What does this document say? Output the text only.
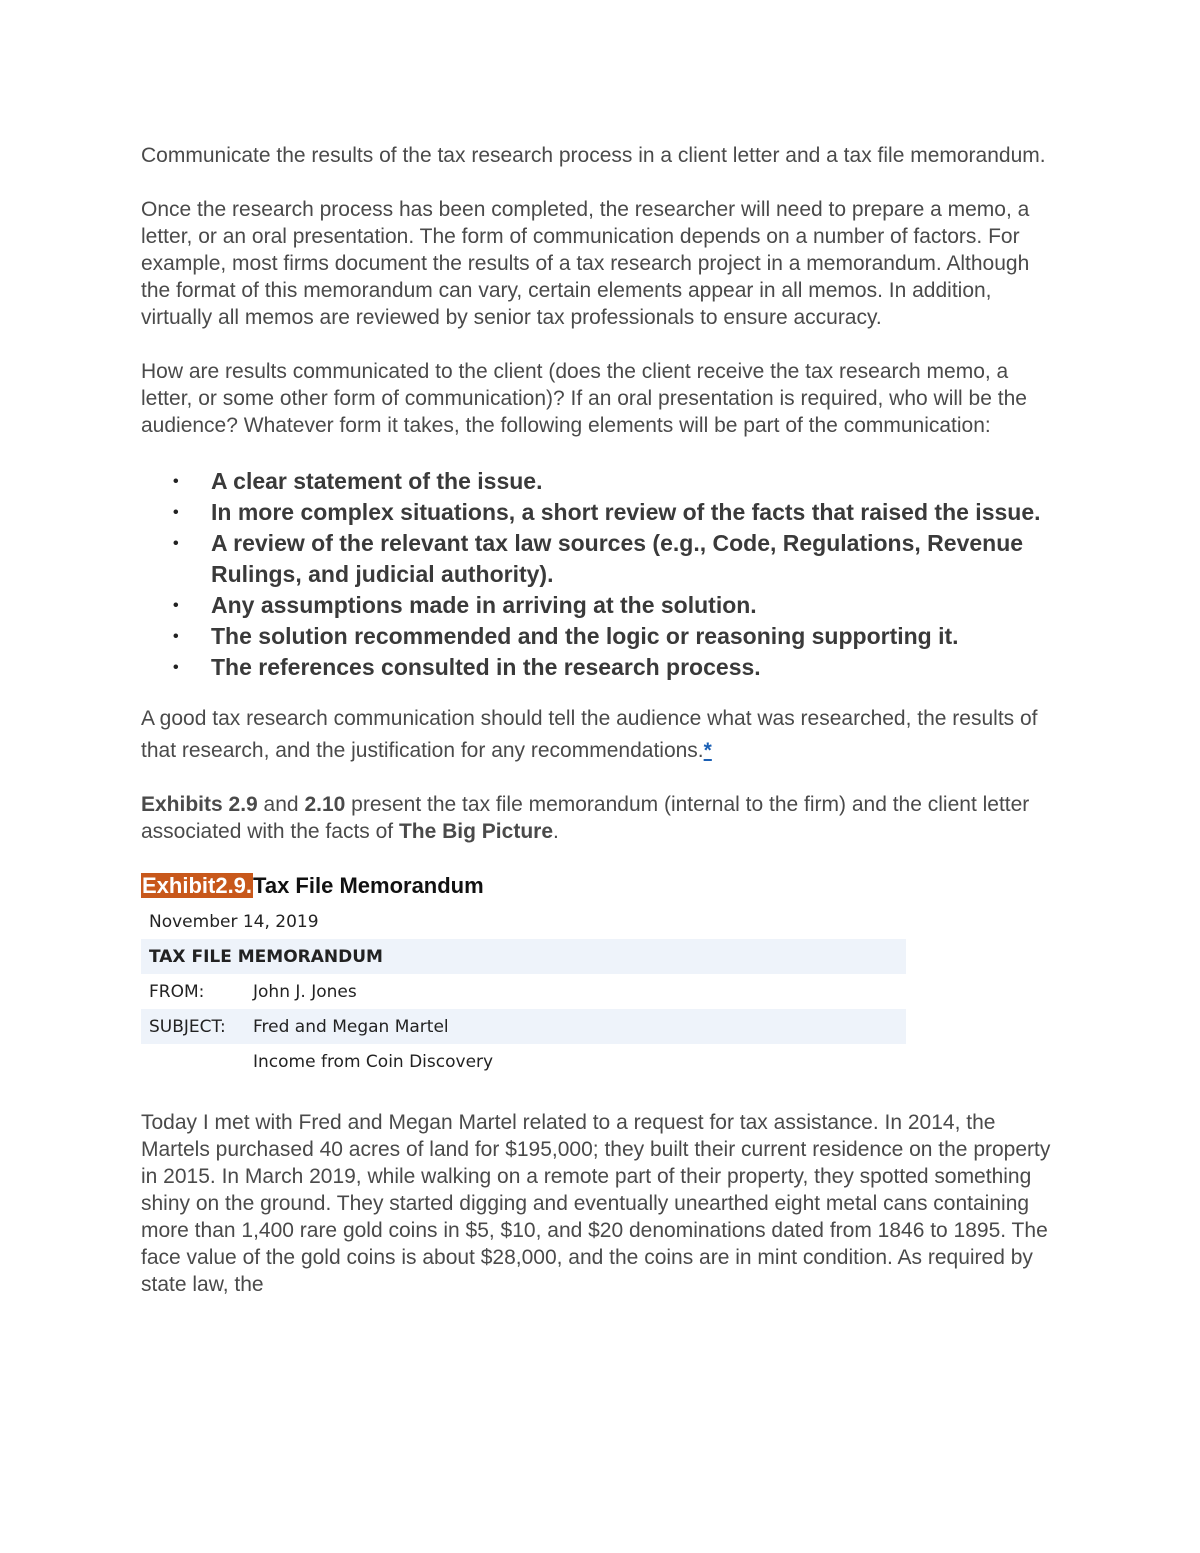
Communicate the results of the tax research process in a client letter and a tax file memorandum.

Once the research process has been completed, the researcher will need to prepare a memo, a letter, or an oral presentation. The form of communication depends on a number of factors. For example, most firms document the results of a tax research project in a memorandum. Although the format of this memorandum can vary, certain elements appear in all memos. In addition, virtually all memos are reviewed by senior tax professionals to ensure accuracy.

How are results communicated to the client (does the client receive the tax research memo, a letter, or some other form of communication)? If an oral presentation is required, who will be the audience? Whatever form it takes, the following elements will be part of the communication:

• A clear statement of the issue.
• In more complex situations, a short review of the facts that raised the issue.
• A review of the relevant tax law sources (e.g., Code, Regulations, Revenue Rulings, and judicial authority).
• Any assumptions made in arriving at the solution.
• The solution recommended and the logic or reasoning supporting it.
• The references consulted in the research process.

A good tax research communication should tell the audience what was researched, the results of that research, and the justification for any recommendations.*

Exhibits 2.9 and 2.10 present the tax file memorandum (internal to the firm) and the client letter associated with the facts of The Big Picture.

Exhibit2.9.Tax File Memorandum
November 14, 2019
TAX FILE MEMORANDUM
FROM:	John J. Jones
SUBJECT:	Fred and Megan Martel
Income from Coin Discovery

Today I met with Fred and Megan Martel related to a request for tax assistance. In 2014, the Martels purchased 40 acres of land for $195,000; they built their current residence on the property in 2015. In March 2019, while walking on a remote part of their property, they spotted something shiny on the ground. They started digging and eventually unearthed eight metal cans containing more than 1,400 rare gold coins in $5, $10, and $20 denominations dated from 1846 to 1895. The face value of the gold coins is about $28,000, and the coins are in mint condition. As required by state law, the
